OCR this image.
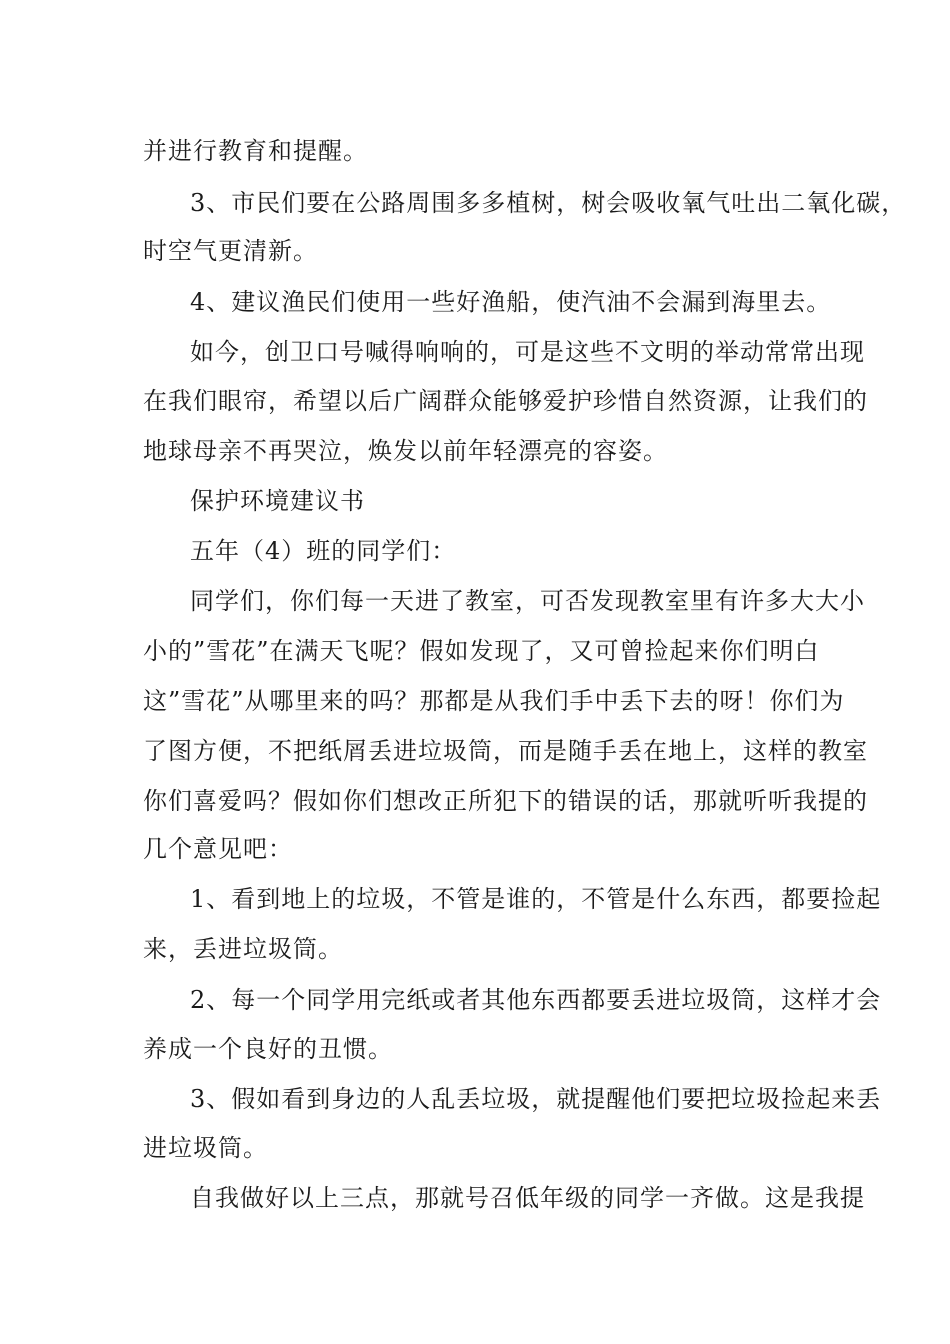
并进行教育和提醒。
3、市民们要在公路周围多多植树，树会吸收氧气吐出二氧化碳，
时空气更清新。
4、建议渔民们使用一些好渔船，使汽油不会漏到海里去。
如今，创卫口号喊得响响的，可是这些不文明的举动常常出现
在我们眼帘，希望以后广阔群众能够爱护珍惜自然资源，让我们的
地球母亲不再哭泣，焕发以前年轻漂亮的容姿。
保护环境建议书
五年（4）班的同学们：
同学们，你们每一天进了教室，可否发现教室里有许多大大小
小的”雪花”在满天飞呢？假如发现了，又可曾捡起来你们明白
这”雪花”从哪里来的吗？那都是从我们手中丢下去的呀！你们为
了图方便，不把纸屑丢进垃圾筒，而是随手丢在地上，这样的教室
你们喜爱吗？假如你们想改正所犯下的错误的话，那就听听我提的
几个意见吧：
1、看到地上的垃圾，不管是谁的，不管是什么东西，都要捡起
来，丢进垃圾筒。
2、每一个同学用完纸或者其他东西都要丢进垃圾筒，这样才会
养成一个良好的丑惯。
3、假如看到身边的人乱丢垃圾，就提醒他们要把垃圾捡起来丢
进垃圾筒。
自我做好以上三点，那就号召低年级的同学一齐做。这是我提
